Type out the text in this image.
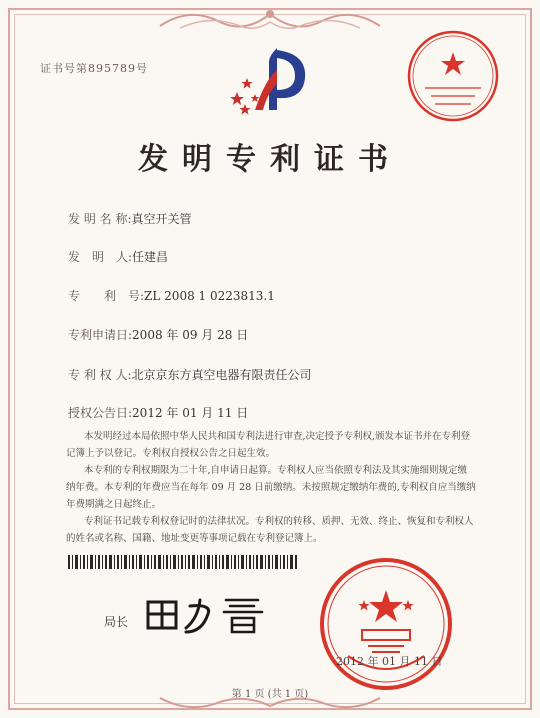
证书号第895789号
发明专利证书
发 明 名 称:真空开关管
发　明　人:任建昌
专　　利　号:ZL 2008 1 0223813.1
专利申请日:2008 年 09 月 28 日
专 利 权 人:北京京东方真空电器有限责任公司
授权公告日:2012 年 01 月 11 日

本发明经过本局依照中华人民共和国专利法进行审查,决定授予专利权,颁发本证书并在专利登记簿上予以登记。专利权自授权公告之日起生效。

本专利的专利权期限为二十年,自申请日起算。专利权人应当依照专利法及其实施细则规定缴纳年费。本专利的年费应当在每年 09 月 28 日前缴纳。未按照规定缴纳年费的,专利权自应当缴纳年费期满之日起终止。

专利证书记载专利权登记时的法律状况。专利权的转移、质押、无效、终止、恢复和专利权人的姓名或名称、国籍、地址变更等事项记载在专利登记簿上。

局长
2012 年 01 月 11 日
第 1 页 (共 1 页)
